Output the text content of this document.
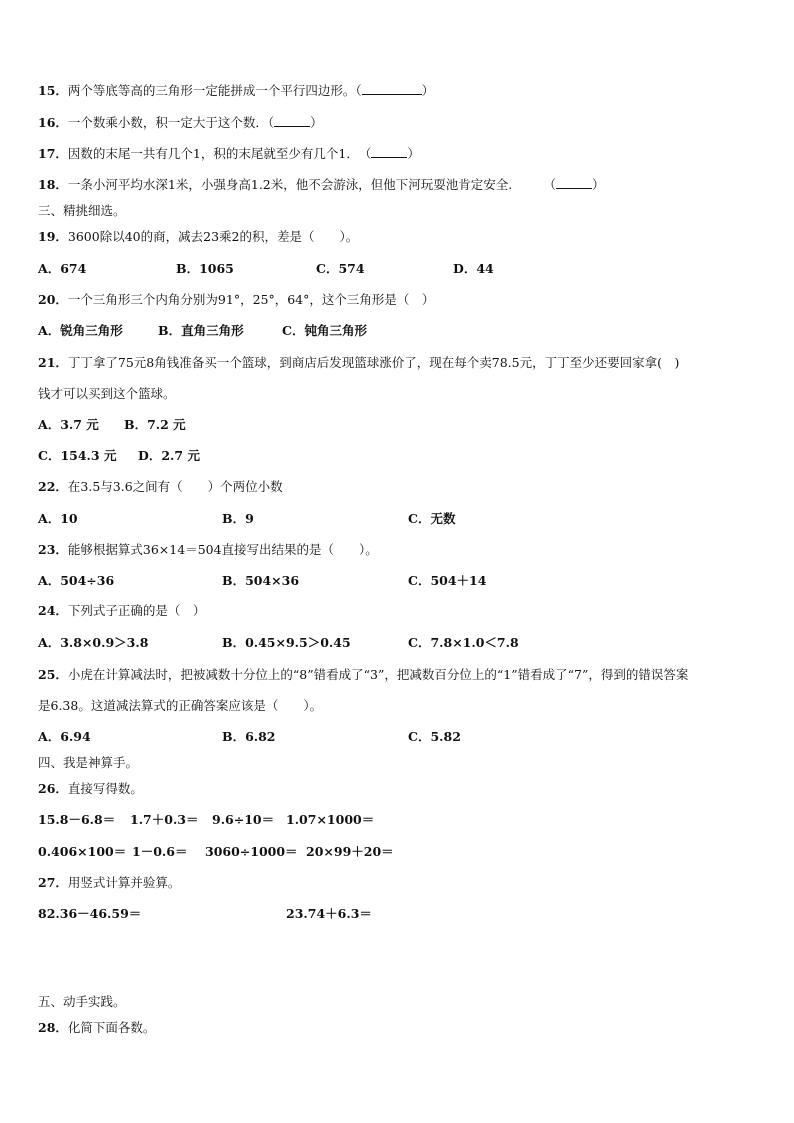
15．两个等底等高的三角形一定能拼成一个平行四边形。（	）
16．一个数乘小数，积一定大于这个数．（	）
17．因数的末尾一共有几个1，积的末尾就至少有几个1．　（	）
18．一条小河平均水深1米，小强身高1.2米，他不会游泳，但他下河玩耍池肯定安全.　　　（	）
三、精挑细选。
19．3600除以40的商，减去23乘2的积，差是（　　）。
A．674	B．1065	C．574	D．44
20．一个三角形三个内角分别为91°，25°，64°，这个三角形是（　）
A．锐角三角形	B．直角三角形	C．钝角三角形
21．丁丁拿了75元8角钱准备买一个篮球，到商店后发现篮球涨价了，现在每个卖78.5元，丁丁至少还要回家拿(　)
钱才可以买到这个篮球。
A．3.7 元 B．7.2 元
C．154.3 元 D．2.7 元
22．在3.5与3.6之间有（　　）个两位小数
A．10	B．9	C．无数
23．能够根据算式36×14＝504直接写出结果的是（　　）。
A．504÷36	B．504×36	C．504＋14
24．下列式子正确的是（　）
A．3.8×0.9＞3.8	B．0.45×9.5＞0.45	C．7.8×1.0＜7.8
25．小虎在计算减法时，把被减数十分位上的“8”错看成了“3”，把减数百分位上的“1”错看成了“7”，得到的错误答案
是6.38。这道减法算式的正确答案应该是（　　）。
A．6.94	B．6.82	C．5.82
四、我是神算手。
26．直接写得数。
15.8－6.8＝ 1.7＋0.3＝ 9.6÷10＝ 1.07×1000＝
0.406×100＝ 1－0.6＝ 3060÷1000＝ 20×99＋20＝
27．用竖式计算并验算。
82.36－46.59＝	23.74＋6.3＝
五、动手实践。
28．化简下面各数。
